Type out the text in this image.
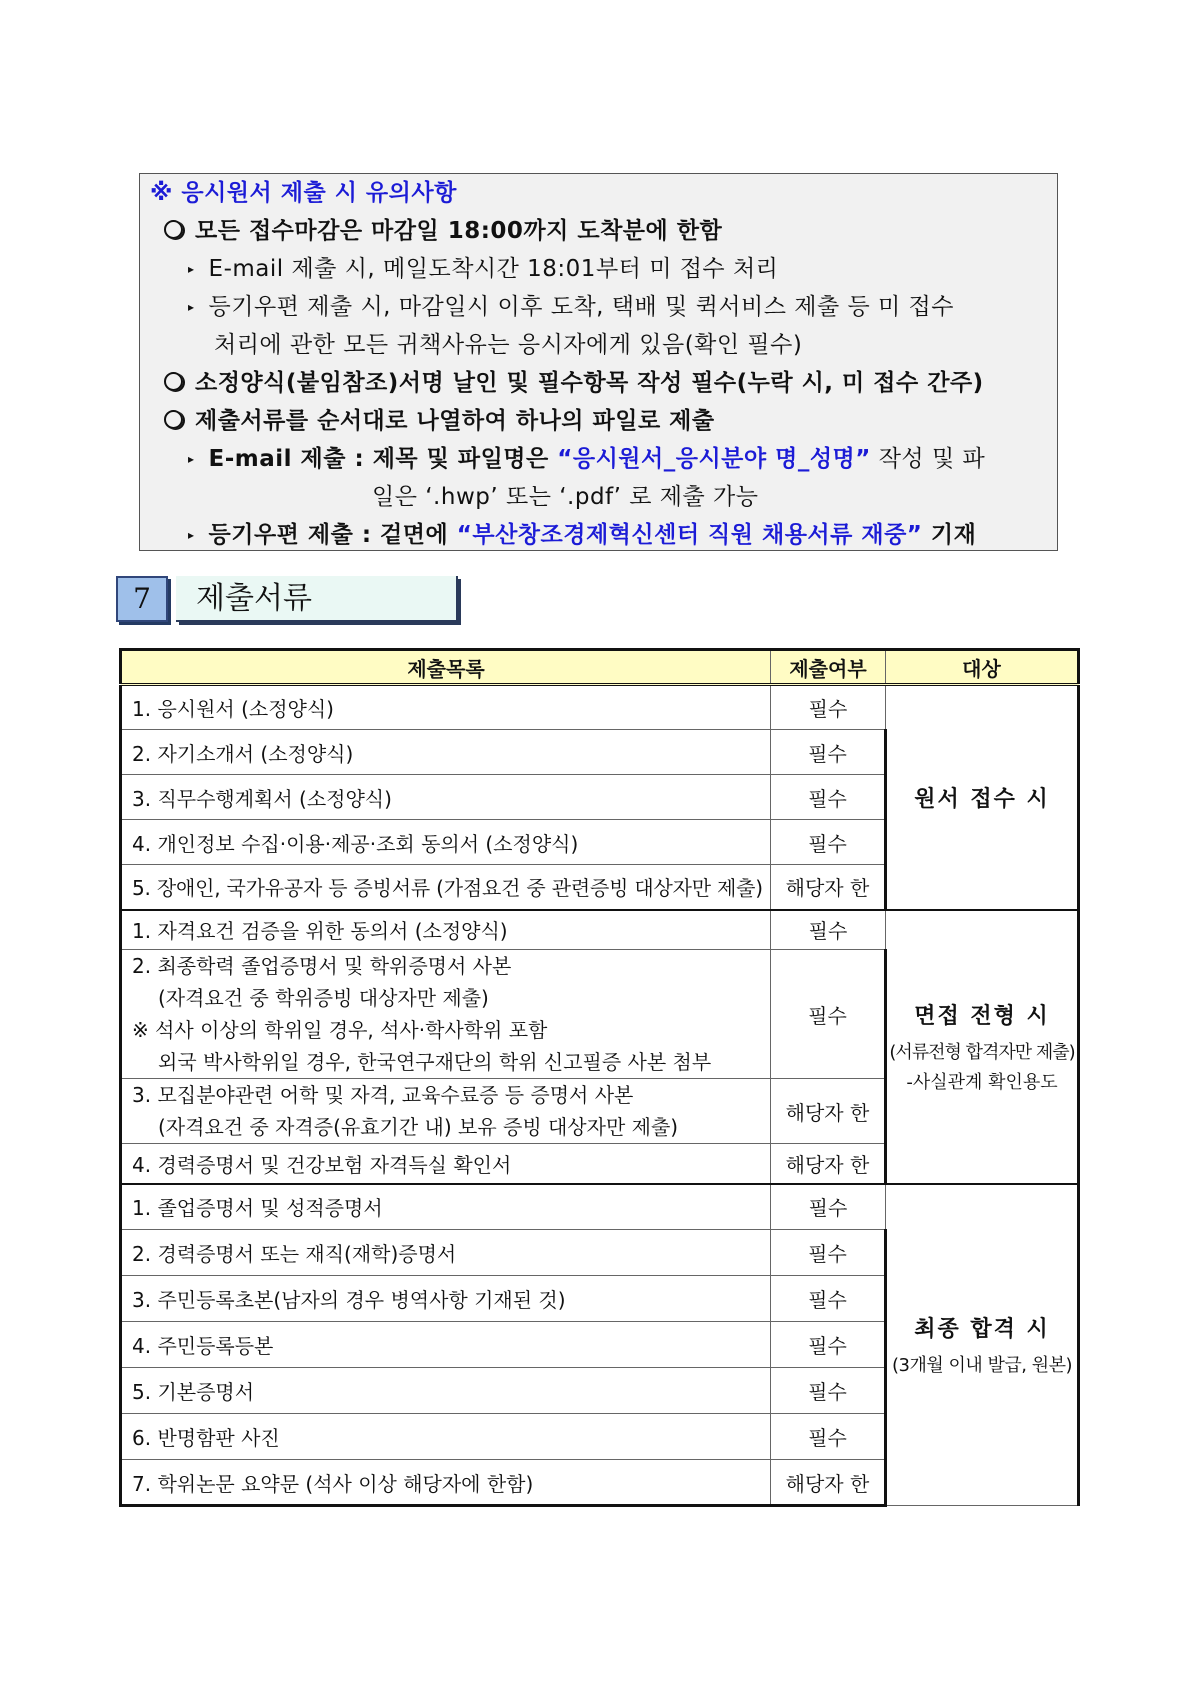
※ 응시원서 제출 시 유의사항
모든 접수마감은 마감일 18:00까지 도착분에 한함
▸ E-mail 제출 시, 메일도착시간 18:01부터 미 접수 처리
▸ 등기우편 제출 시, 마감일시 이후 도착, 택배 및 퀵서비스 제출 등 미 접수
처리에 관한 모든 귀책사유는 응시자에게 있음(확인 필수)
소정양식(붙임참조)서명 날인 및 필수항목 작성 필수(누락 시, 미 접수 간주)
제출서류를 순서대로 나열하여 하나의 파일로 제출
▸ E-mail 제출 : 제목 및 파일명은 “응시원서_응시분야 명_성명” 작성 및 파
일은 ‘.hwp’ 또는 ‘.pdf’ 로 제출 가능
▸ 등기우편 제출 : 겉면에 “부산창조경제혁신센터 직원 채용서류 재중” 기재
7	제출서류
제출목록	제출여부	대상
1. 응시원서 (소정양식)	필수	원서 접수 시

2. 자기소개서 (소정양식)	필수	
3. 직무수행계획서 (소정양식)	필수	
4. 개인정보 수집·이용·제공·조회 동의서 (소정양식)	필수	
5. 장애인, 국가유공자 등 증빙서류 (가점요건 중 관련증빙 대상자만 제출)	해당자 한	
1. 자격요건 검증을 위한 동의서 (소정양식)	필수	면접 전형 시
(서류전형 합격자만 제출)
-사실관계 확인용도

2. 최종학력 졸업증명서 및 학위증명서 사본
(자격요건 중 학위증빙 대상자만 제출)
※ 석사 이상의 학위일 경우, 석사·학사학위 포함
외국 박사학위일 경우, 한국연구재단의 학위 신고필증 사본 첨부	필수	

3. 모집분야관련 어학 및 자격, 교육수료증 등 증명서 사본
(자격요건 중 자격증(유효기간 내) 보유 증빙 대상자만 제출)	해당자 한	
4. 경력증명서 및 건강보험 자격득실 확인서	해당자 한	
1. 졸업증명서 및 성적증명서	필수	최종 합격 시
(3개월 이내 발급, 원본)

2. 경력증명서 또는 재직(재학)증명서	필수	
3. 주민등록초본(남자의 경우 병역사항 기재된 것)	필수	
4. 주민등록등본	필수	
5. 기본증명서	필수	
6. 반명함판 사진	필수	
7. 학위논문 요약문 (석사 이상 해당자에 한함)	해당자 한	
